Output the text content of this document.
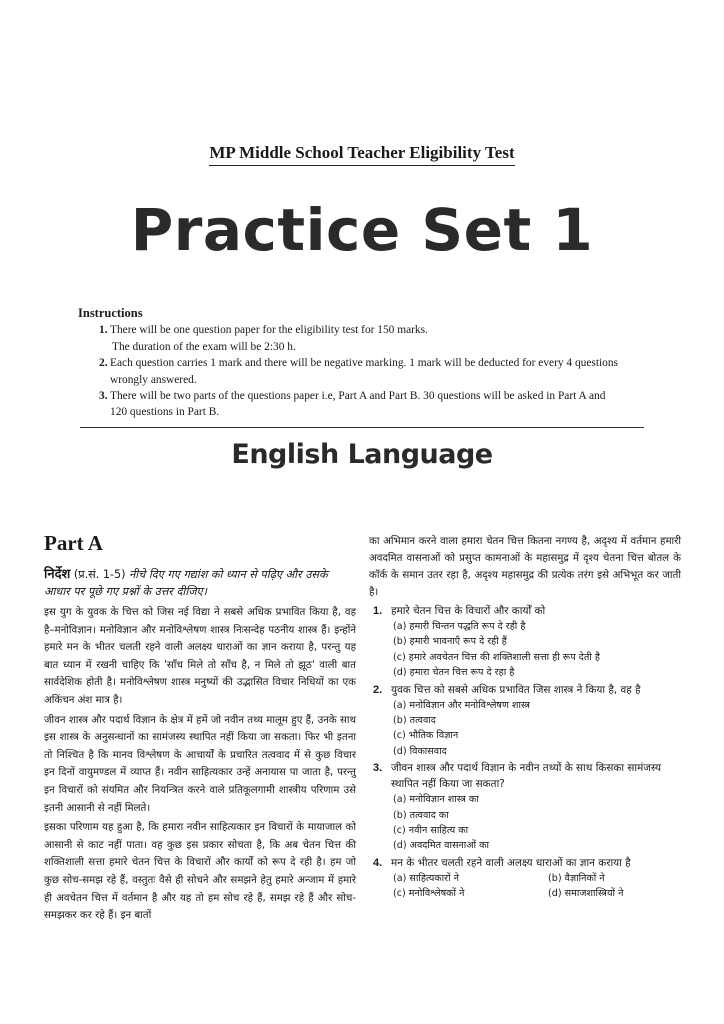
MP Middle School Teacher Eligibility Test
Practice Set 1
Instructions
1. There will be one question paper for the eligibility test for 150 marks.
The duration of the exam will be 2:30 h.
2. Each question carries 1 mark and there will be negative marking. 1 mark will be deducted for every 4 questions
wrongly answered.
3. There will be two parts of the questions paper i.e, Part A and Part B. 30 questions will be asked in Part A and
120 questions in Part B.
English Language
Part A
निर्देश (प्र.सं. 1-5) नीचे दिए गए गद्यांश को ध्यान से पढ़िए और उसके आधार पर पूछे गए प्रश्नों के उत्तर दीजिए।

इस युग के युवक के चित्त को जिस नई विद्या ने सबसे अधिक प्रभावित किया है, वह है–मनोविज्ञान। मनोविज्ञान और मनोविश्लेषण शास्त्र निःसन्देह पठनीय शास्त्र हैं। इन्होंने हमारे मन के भीतर चलती रहने वाली अलक्ष्य धाराओं का ज्ञान कराया है, परन्तु यह बात ध्यान में रखनी चाहिए कि 'साँच मिले तो साँच है, न मिले तो झूठ' वाली बात सार्वदेशिक होती है। मनोविश्लेषण शास्त्र मनुष्यों की उद्भासित विचार निधियों का एक अकिंचन अंश मात्र है।

जीवन शास्त्र और पदार्थ विज्ञान के क्षेत्र में हमें जो नवीन तथ्य मालूम हुए हैं, उनके साथ इस शास्त्र के अनुसन्धानों का सामंजस्य स्थापित नहीं किया जा सकता। फिर भी इतना तो निश्चित है कि मानव विश्लेषण के आचार्यों के प्रचारित तत्ववाद में से कुछ विचार इन दिनों वायुमण्डल में व्याप्त हैं। नवीन साहित्यकार उन्हें अनायास पा जाता है, परन्तु इन विचारों को संयमित और नियन्त्रित करने वाले प्रतिकूलगामी शास्त्रीय परिणाम उसे इतनी आसानी से नहीं मिलते।

इसका परिणाम यह हुआ है, कि हमारा नवीन साहित्यकार इन विचारों के मायाजाल को आसानी से काट नहीं पाता। वह कुछ इस प्रकार सोचता है, कि अब चेतन चित्त की शक्तिशाली सत्ता हमारे चेतन चित्त के विचारों और कार्यों को रूप दे रही है। हम जो कुछ सोच-समझ रहे हैं, वस्तुतः वैसे ही सोचने और समझने हेतु हमारे अन्जाम में हमारे ही अवचेतन चित्त में वर्तमान है और यह तो हम सोच रहे हैं, समझ रहे हैं और सोच-समझकर कर रहे हैं। इन बातों

का अभिमान करने वाला हमारा चेतन चित्त कितना नगण्य है, अदृश्य में वर्तमान हमारी अवदमित वासनाओं को प्रसुप्त कामनाओं के महासमुद्र में दृश्य चेतना चित्त बोतल के कॉर्क के समान उतर रहा है, अदृश्य महासमुद्र की प्रत्येक तरंग इसे अभिभूत कर जाती है।

1. हमारे चेतन चित्त के विचारों और कार्यों को
(a) हमारी चिन्तन पद्धति रूप दे रही है
(b) हमारी भावनाएँ रूप दे रही हैं
(c) हमारे अवचेतन चित्त की शक्तिशाली सत्ता ही रूप देती है
(d) हमारा चेतन चित्त रूप दे रहा है
2. युवक चित्त को सबसे अधिक प्रभावित जिस शास्त्र ने किया है, वह है
(a) मनोविज्ञान और मनोविश्लेषण शास्त्र
(b) तत्ववाद
(c) भौतिक विज्ञान
(d) विकासवाद
3. जीवन शास्त्र और पदार्थ विज्ञान के नवीन तथ्यों के साथ किसका सामंजस्य स्थापित नहीं किया जा सकता?
(a) मनोविज्ञान शास्त्र का
(b) तत्ववाद का
(c) नवीन साहित्य का
(d) अवदमित वासनाओं का
4. मन के भीतर चलती रहने वाली अलक्ष्य धाराओं का ज्ञान कराया है
(a) साहित्यकारों ने	(b) वैज्ञानिकों ने
(c) मनोविश्लेषकों ने	(d) समाजशास्त्रियों ने
